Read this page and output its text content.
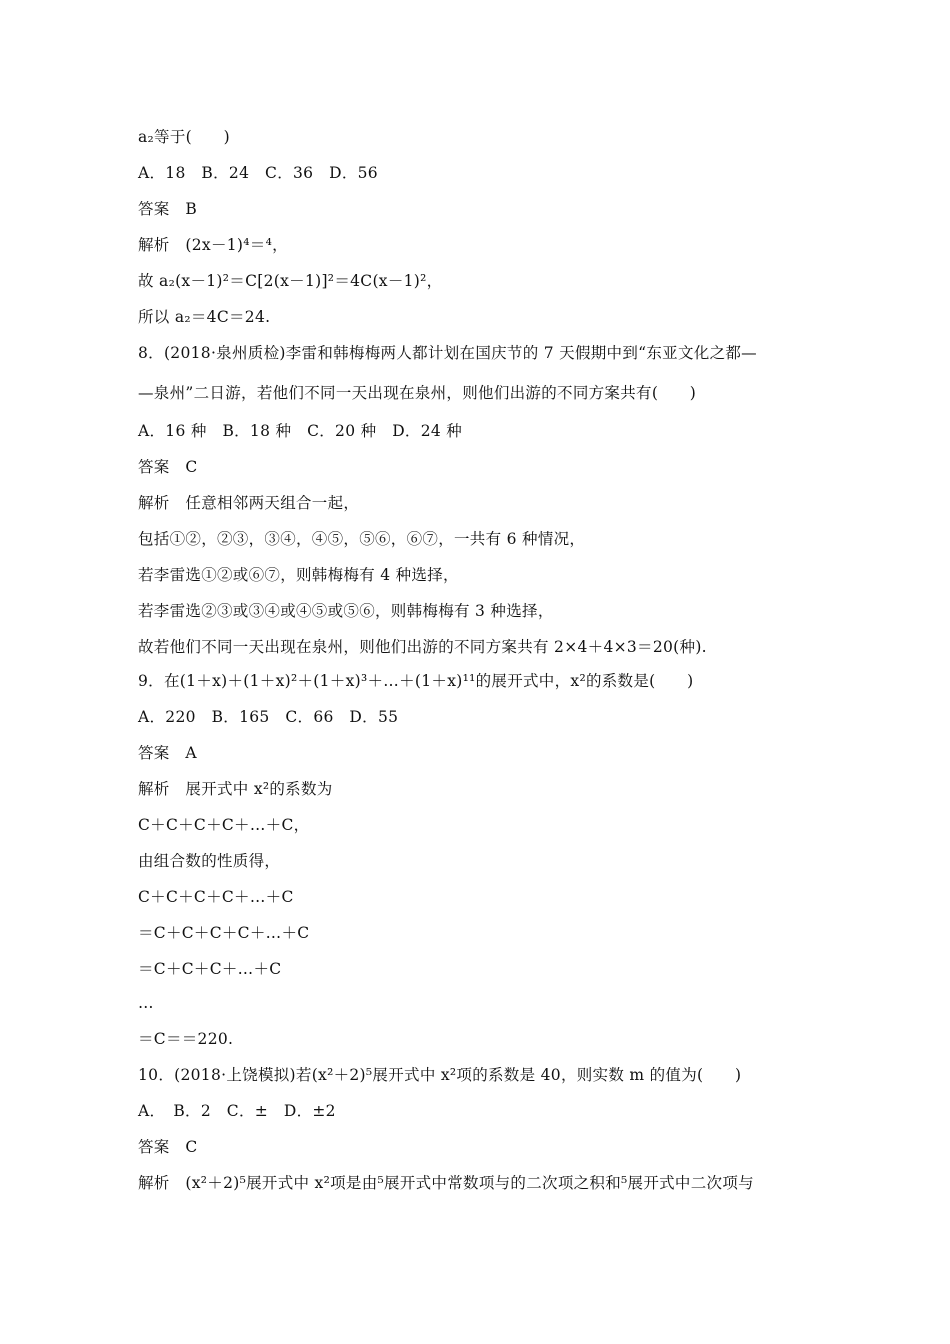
a₂等于(　　)
A．18　B．24　C．36　D．56
答案　B
解析　(2x－1)⁴＝⁴，
故 a₂(x－1)²＝C[2(x－1)]²＝4C(x－1)²，
所以 a₂＝4C＝24.
8．(2018·泉州质检)李雷和韩梅梅两人都计划在国庆节的 7 天假期中到“东亚文化之都—
—泉州”二日游，若他们不同一天出现在泉州，则他们出游的不同方案共有(　　)
A．16 种　B．18 种　C．20 种　D．24 种
答案　C
解析　任意相邻两天组合一起，
包括①②，②③，③④，④⑤，⑤⑥，⑥⑦，一共有 6 种情况，
若李雷选①②或⑥⑦，则韩梅梅有 4 种选择，
若李雷选②③或③④或④⑤或⑤⑥，则韩梅梅有 3 种选择，
故若他们不同一天出现在泉州，则他们出游的不同方案共有 2×4＋4×3＝20(种).
9．在(1＋x)＋(1＋x)²＋(1＋x)³＋…＋(1＋x)¹¹的展开式中，x²的系数是(　　)
A．220　B．165　C．66　D．55
答案　A
解析　展开式中 x²的系数为
C＋C＋C＋C＋…＋C，
由组合数的性质得，
C＋C＋C＋C＋…＋C
＝C＋C＋C＋C＋…＋C
＝C＋C＋C＋…＋C
…
＝C＝＝220.
10．(2018·上饶模拟)若(x²＋2)⁵展开式中 x²项的系数是 40，则实数 m 的值为(　　)
A．　B．2　C．±　D．±2
答案　C
解析　(x²＋2)⁵展开式中 x²项是由⁵展开式中常数项与的二次项之积和⁵展开式中二次项与
